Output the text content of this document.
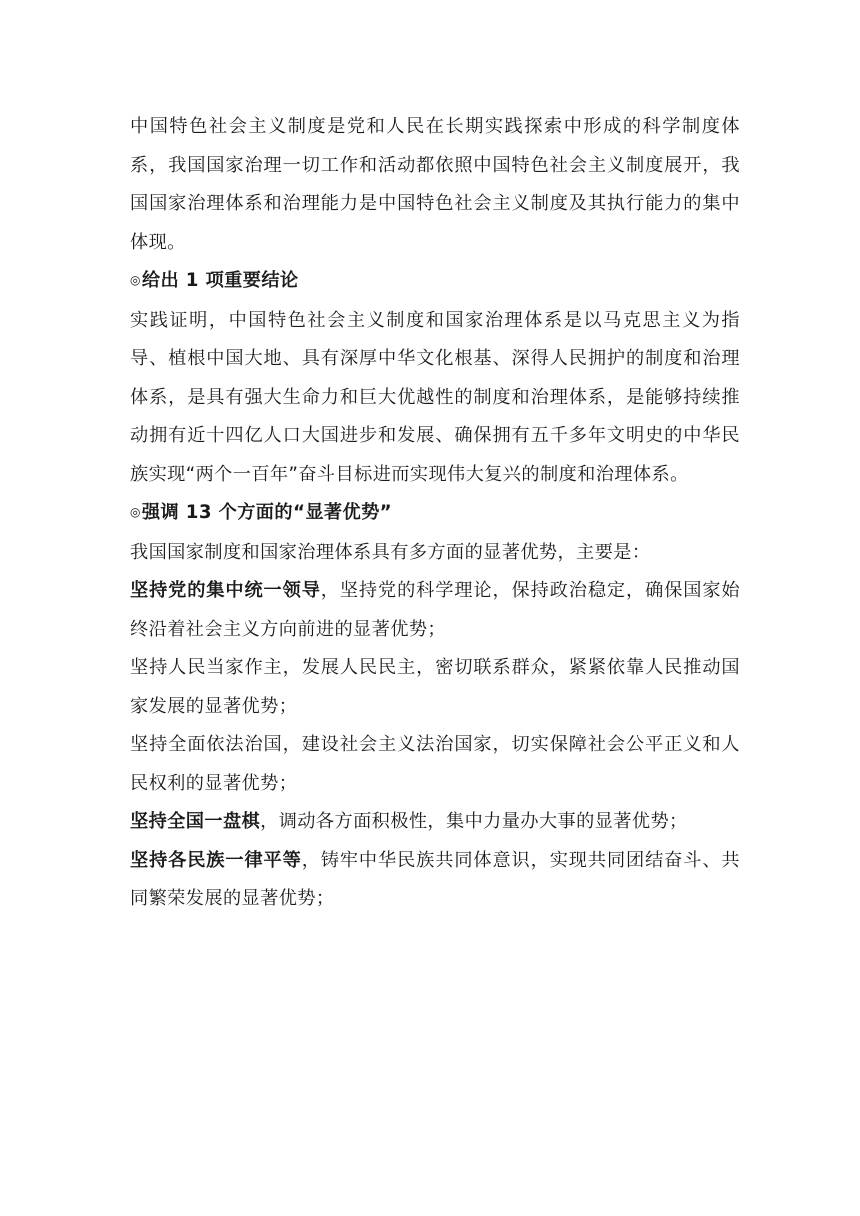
中国特色社会主义制度是党和人民在长期实践探索中形成的科学制度体系，我国国家治理一切工作和活动都依照中国特色社会主义制度展开，我国国家治理体系和治理能力是中国特色社会主义制度及其执行能力的集中体现。

◎给出 1 项重要结论

实践证明，中国特色社会主义制度和国家治理体系是以马克思主义为指导、植根中国大地、具有深厚中华文化根基、深得人民拥护的制度和治理体系，是具有强大生命力和巨大优越性的制度和治理体系，是能够持续推动拥有近十四亿人口大国进步和发展、确保拥有五千多年文明史的中华民族实现“两个一百年”奋斗目标进而实现伟大复兴的制度和治理体系。

◎强调 13 个方面的“显著优势”

我国国家制度和国家治理体系具有多方面的显著优势，主要是：

坚持党的集中统一领导，坚持党的科学理论，保持政治稳定，确保国家始终沿着社会主义方向前进的显著优势；

坚持人民当家作主，发展人民民主，密切联系群众，紧紧依靠人民推动国家发展的显著优势；

坚持全面依法治国，建设社会主义法治国家，切实保障社会公平正义和人民权利的显著优势；

坚持全国一盘棋，调动各方面积极性，集中力量办大事的显著优势；

坚持各民族一律平等，铸牢中华民族共同体意识，实现共同团结奋斗、共同繁荣发展的显著优势；
